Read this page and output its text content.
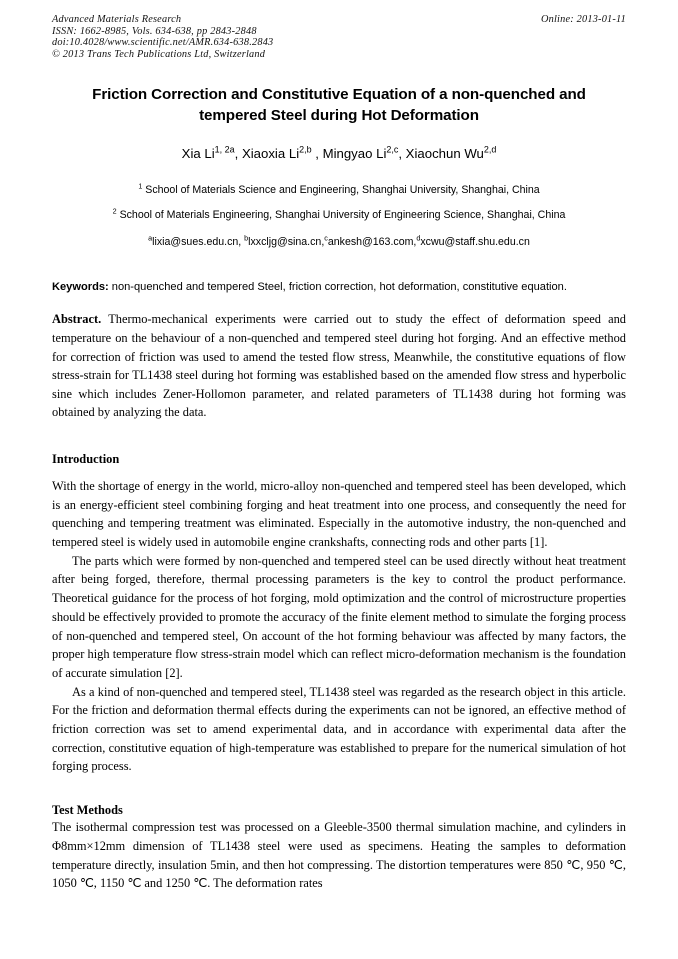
Online: 2013-01-11
Advanced Materials Research
ISSN: 1662-8985, Vols. 634-638, pp 2843-2848
doi:10.4028/www.scientific.net/AMR.634-638.2843
© 2013 Trans Tech Publications Ltd, Switzerland
Friction Correction and Constitutive Equation of a non-quenched and tempered Steel during Hot Deformation
Xia $Li^{1, 2a}$, Xiaoxia Li$^{2,b}$ , Mingyao Li$^{2,c}$, Xiaochun Wu$^{2,d}$
$^1$ School of Materials Science and Engineering, Shanghai University, Shanghai, China
$^2$ School of Materials Engineering, Shanghai University of Engineering Science, Shanghai, China
$^a$lixia@sues.edu.cn, $^b$lxxcljg@sina.cn,$^c$ankesh@163.com,$^d$xcwu@staff.shu.edu.cn
Keywords: non-quenched and tempered Steel, friction correction, hot deformation, constitutive equation.
Abstract. Thermo-mechanical experiments were carried out to study the effect of deformation speed and temperature on the behaviour of a non-quenched and tempered steel during hot forging. And an effective method for correction of friction was used to amend the tested flow stress, Meanwhile, the constitutive equations of flow stress-strain for TL1438 steel during hot forming was established based on the amended flow stress and hyperbolic sine which includes Zener-Hollomon parameter, and related parameters of TL1438 during hot forming was obtained by analyzing the data.
Introduction

With the shortage of energy in the world, micro-alloy non-quenched and tempered steel has been developed, which is an energy-efficient steel combining forging and heat treatment into one process, and consequently the need for quenching and tempering treatment was eliminated. Especially in the automotive industry, the non-quenched and tempered steel is widely used in automobile engine crankshafts, connecting rods and other parts [1].

The parts which were formed by non-quenched and tempered steel can be used directly without heat treatment after being forged, therefore, thermal processing parameters is the key to control the product performance. Theoretical guidance for the process of hot forging, mold optimization and the control of microstructure properties should be effectively provided to promote the accuracy of the finite element method to simulate the forging process of non-quenched and tempered steel, On account of the hot forming behaviour was affected by many factors, the proper high temperature flow stress-strain model which can reflect micro-deformation mechanism is the foundation of accurate simulation [2].

As a kind of non-quenched and tempered steel, TL1438 steel was regarded as the research object in this article. For the friction and deformation thermal effects during the experiments can not be ignored, an effective method of friction correction was set to amend experimental data, and in accordance with experimental data after the correction, constitutive equation of high-temperature was established to prepare for the numerical simulation of hot forging process.

Test Methods

The isothermal compression test was processed on a Gleeble-3500 thermal simulation machine, and cylinders in Φ8mm×12mm dimension of TL1438 steel were used as specimens. Heating the samples to deformation temperature directly, insulation 5min, and then hot compressing. The distortion temperatures were 850 ℃, 950 ℃, 1050 ℃, 1150 ℃ and 1250 ℃. The deformation rates
